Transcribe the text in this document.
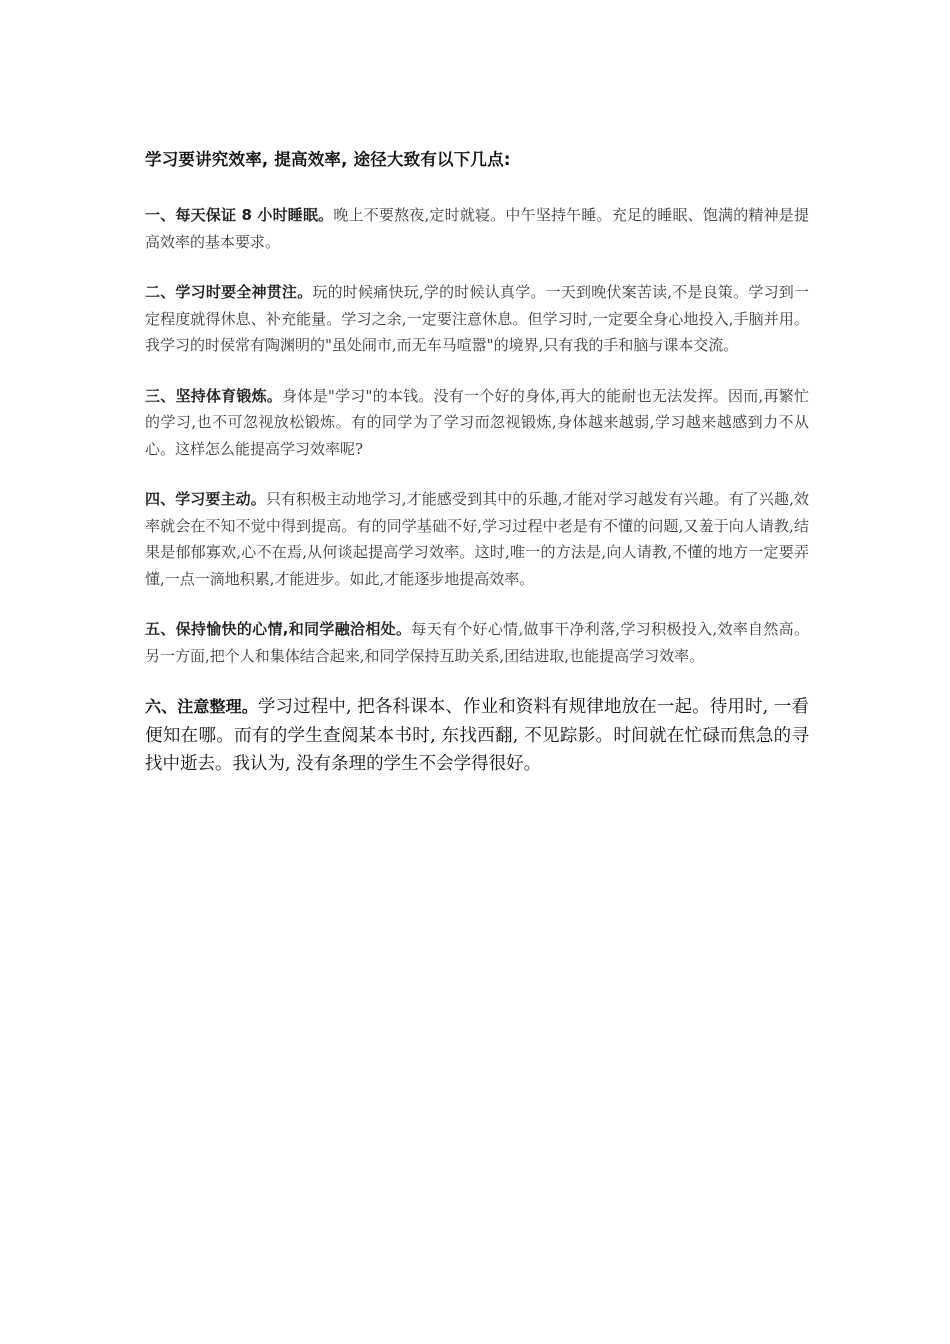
学习要讲究效率, 提高效率, 途径大致有以下几点:

一、每天保证 8 小时睡眠。晚上不要熬夜,定时就寝。中午坚持午睡。充足的睡眠、饱满的精神是提高效率的基本要求。

二、学习时要全神贯注。玩的时候痛快玩,学的时候认真学。一天到晚伏案苦读,不是良策。学习到一定程度就得休息、补充能量。学习之余,一定要注意休息。但学习时,一定要全身心地投入,手脑并用。我学习的时侯常有陶渊明的"虽处闹市,而无车马喧嚣"的境界,只有我的手和脑与课本交流。

三、坚持体育锻炼。身体是"学习"的本钱。没有一个好的身体,再大的能耐也无法发挥。因而,再繁忙的学习,也不可忽视放松锻炼。有的同学为了学习而忽视锻炼,身体越来越弱,学习越来越感到力不从心。这样怎么能提高学习效率呢?

四、学习要主动。只有积极主动地学习,才能感受到其中的乐趣,才能对学习越发有兴趣。有了兴趣,效率就会在不知不觉中得到提高。有的同学基础不好,学习过程中老是有不懂的问题,又羞于向人请教,结果是郁郁寡欢,心不在焉,从何谈起提高学习效率。这时,唯一的方法是,向人请教,不懂的地方一定要弄懂,一点一滴地积累,才能进步。如此,才能逐步地提高效率。

五、保持愉快的心情,和同学融洽相处。每天有个好心情,做事干净利落,学习积极投入,效率自然高。另一方面,把个人和集体结合起来,和同学保持互助关系,团结进取,也能提高学习效率。

六、注意整理。学习过程中, 把各科课本、作业和资料有规律地放在一起。待用时, 一看便知在哪。而有的学生查阅某本书时, 东找西翻, 不见踪影。时间就在忙碌而焦急的寻找中逝去。我认为, 没有条理的学生不会学得很好。
